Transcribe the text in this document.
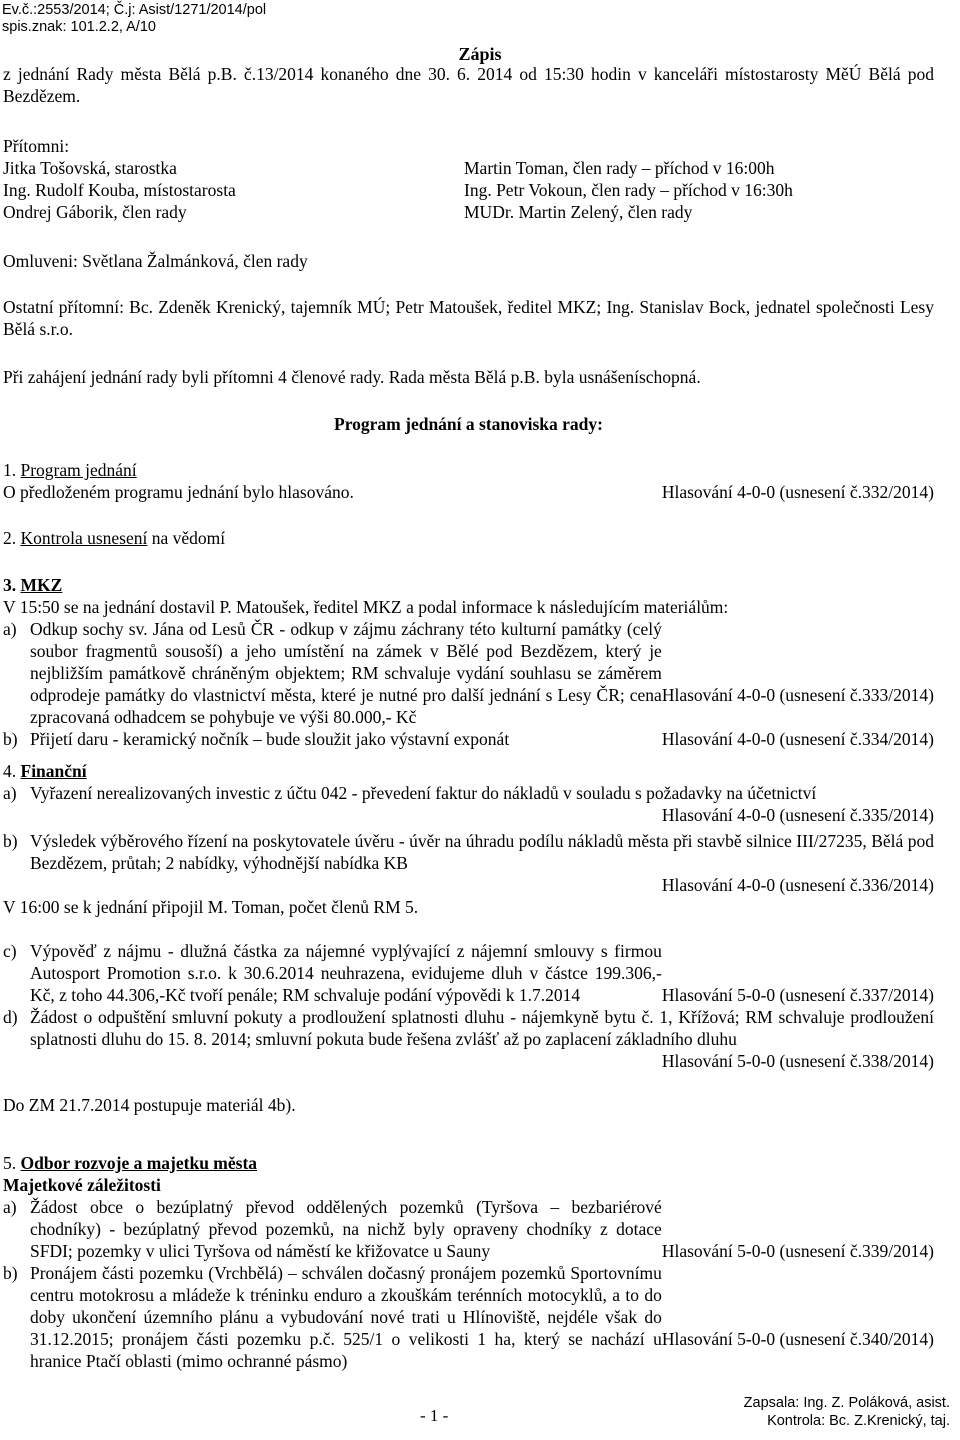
Ev.č.:2553/2014; Č.j: Asist/1271/2014/pol
spis.znak: 101.2.2, A/10
Zápis
z jednání Rady města Bělá p.B. č.13/2014 konaného dne 30. 6. 2014 od 15:30 hodin v kanceláři místostarosty MěÚ Bělá pod Bezdězem.
Přítomni:
Jitka Tošovská, starostka
Ing. Rudolf Kouba, místostarosta
Ondrej Gáborik, člen rady
Martin Toman, člen rady – příchod v 16:00h
Ing. Petr Vokoun, člen rady – příchod v 16:30h
MUDr. Martin Zelený, člen rady
Omluveni: Světlana Žalmánková, člen rady
Ostatní přítomní: Bc. Zdeněk Krenický, tajemník MÚ; Petr Matoušek, ředitel MKZ; Ing. Stanislav Bock, jednatel společnosti Lesy Bělá s.r.o.
Při zahájení jednání rady byli přítomni 4 členové rady. Rada města Bělá p.B. byla usnášeníschopná.
Program jednání a stanoviska rady:
1. Program jednání
O předloženém programu jednání bylo hlasováno.	Hlasování 4-0-0 (usnesení č.332/2014)
2. Kontrola usnesení na vědomí
3. MKZ
V 15:50 se na jednání dostavil P. Matoušek, ředitel MKZ a podal informace k následujícím materiálům:
a)
Hlasování 4-0-0 (usnesení č.333/2014)
Odkup sochy sv. Jána od Lesů ČR - odkup v zájmu záchrany této kulturní památky (celý soubor fragmentů sousoší) a jeho umístění na zámek v Bělé pod Bezdězem, který je nejbližším památkově chráněným objektem; RM schvaluje vydání souhlasu se záměrem odprodeje památky do vlastnictví města, které je nutné pro další jednání s Lesy ČR; cena zpracovaná odhadcem se pohybuje ve výši 80.000,- Kč
b) Přijetí daru - keramický nočník – bude sloužit jako výstavní exponát	Hlasování 4-0-0 (usnesení č.334/2014)
4. Finanční
a) Vyřazení nerealizovaných investic z účtu 042 - převedení faktur do nákladů v souladu s požadavky na účetnictví
Hlasování 4-0-0 (usnesení č.335/2014)
b) Výsledek výběrového řízení na poskytovatele úvěru - úvěr na úhradu podílu nákladů města při stavbě silnice III/27235, Bělá pod Bezdězem, průtah; 2 nabídky, výhodnější nabídka KB
Hlasování 4-0-0 (usnesení č.336/2014)
V 16:00 se k jednání připojil M. Toman, počet členů RM 5.
c)
Hlasování 5-0-0 (usnesení č.337/2014)
Výpověď z nájmu - dlužná částka za nájemné vyplývající z nájemní smlouvy s firmou Autosport Promotion s.r.o. k 30.6.2014 neuhrazena, evidujeme dluh v částce 199.306,- Kč, z toho 44.306,-Kč tvoří penále; RM schvaluje podání výpovědi k 1.7.2014
d) Žádost o odpuštění smluvní pokuty a prodloužení splatnosti dluhu - nájemkyně bytu č. 1, Křížová; RM schvaluje prodloužení splatnosti dluhu do 15. 8. 2014; smluvní pokuta bude řešena zvlášť až po zaplacení základního dluhu
Hlasování 5-0-0 (usnesení č.338/2014)
Do ZM 21.7.2014 postupuje materiál 4b).
5. Odbor rozvoje a majetku města
Majetkové záležitosti
a)
Hlasování 5-0-0 (usnesení č.339/2014)
Žádost obce o bezúplatný převod oddělených pozemků (Tyršova – bezbariérové chodníky) - bezúplatný převod pozemků, na nichž byly opraveny chodníky z dotace SFDI; pozemky v ulici Tyršova od náměstí ke křižovatce u Sauny
b)
Hlasování 5-0-0 (usnesení č.340/2014)
Pronájem části pozemku (Vrchbělá) – schválen dočasný pronájem pozemků Sportovnímu centru motokrosu a mládeže k tréninku enduro a zkouškám terénních motocyklů, a to do doby ukončení územního plánu a vybudování nové trati u Hlínoviště, nejdéle však do 31.12.2015; pronájem části pozemku p.č. 525/1 o velikosti 1 ha, který se nachází u hranice Ptačí oblasti (mimo ochranné pásmo)
- 1 -
Zapsala: Ing. Z. Poláková, asist.
Kontrola: Bc. Z.Krenický, taj.
